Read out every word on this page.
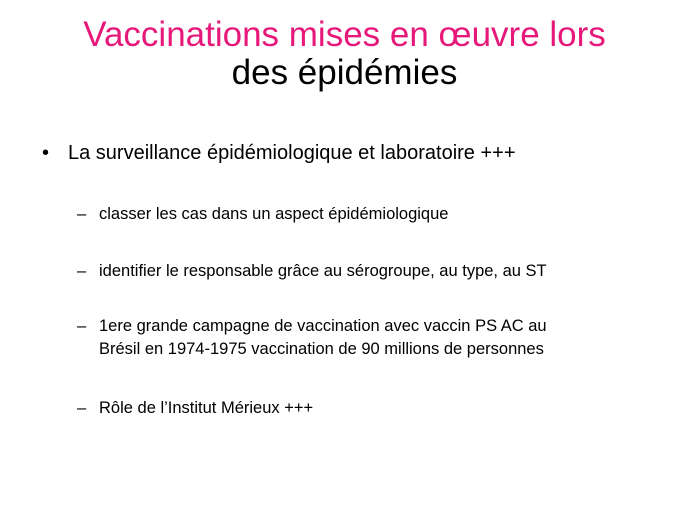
Vaccinations mises en œuvre lors
des épidémies
• La surveillance épidémiologique et laboratoire +++
– classer les cas dans un aspect épidémiologique
– identifier le responsable grâce au sérogroupe, au type, au ST
– 1ere grande campagne de vaccination avec vaccin PS AC au
Brésil en 1974-1975 vaccination de 90 millions de personnes
– Rôle de l’Institut Mérieux +++
